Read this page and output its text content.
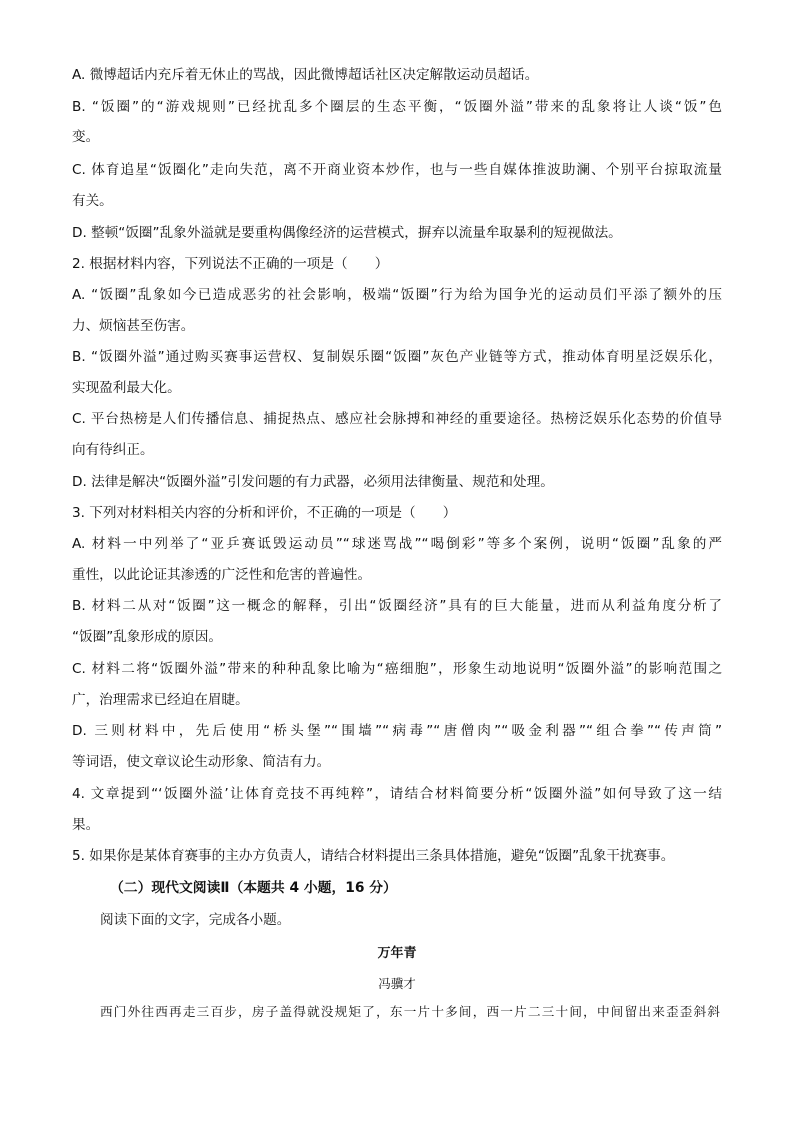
A. 微博超话内充斥着无休止的骂战，因此微博超话社区决定解散运动员超话。
B. “饭圈”的“游戏规则”已经扰乱多个圈层的生态平衡，“饭圈外溢”带来的乱象将让人谈“饭”色
变。
C. 体育追星“饭圈化”走向失范，离不开商业资本炒作，也与一些自媒体推波助澜、个别平台掠取流量
有关。
D. 整顿“饭圈”乱象外溢就是要重构偶像经济的运营模式，摒弃以流量牟取暴利的短视做法。
2. 根据材料内容，下列说法不正确的一项是（　　）
A. “饭圈”乱象如今已造成恶劣的社会影响，极端“饭圈”行为给为国争光的运动员们平添了额外的压
力、烦恼甚至伤害。
B. “饭圈外溢”通过购买赛事运营权、复制娱乐圈“饭圈”灰色产业链等方式，推动体育明星泛娱乐化，
实现盈利最大化。
C. 平台热榜是人们传播信息、捕捉热点、感应社会脉搏和神经的重要途径。热榜泛娱乐化态势的价值导
向有待纠正。
D. 法律是解决“饭圈外溢”引发问题的有力武器，必须用法律衡量、规范和处理。
3. 下列对材料相关内容的分析和评价，不正确的一项是（　　）
A. 材料一中列举了“亚乒赛诋毁运动员”“球迷骂战”“喝倒彩”等多个案例，说明“饭圈”乱象的严
重性，以此论证其渗透的广泛性和危害的普遍性。
B. 材料二从对“饭圈”这一概念的解释，引出“饭圈经济”具有的巨大能量，进而从利益角度分析了
“饭圈”乱象形成的原因。
C. 材料二将“饭圈外溢”带来的种种乱象比喻为“癌细胞”，形象生动地说明“饭圈外溢”的影响范围之
广，治理需求已经迫在眉睫。
D. 三则材料中，先后使用“桥头堡”“围墙”“病毒”“唐僧肉”“吸金利器”“组合拳”“传声筒”
等词语，使文章议论生动形象、简洁有力。
4. 文章提到“‘饭圈外溢’让体育竞技不再纯粹”，请结合材料简要分析“饭圈外溢”如何导致了这一结
果。
5. 如果你是某体育赛事的主办方负责人，请结合材料提出三条具体措施，避免“饭圈”乱象干扰赛事。
（二）现代文阅读Ⅱ（本题共 4 小题，16 分）
阅读下面的文字，完成各小题。
万年青
冯骥才
西门外往西再走三百步，房子盖得就没规矩了，东一片十多间，西一片二三十间，中间留出来歪歪斜斜
